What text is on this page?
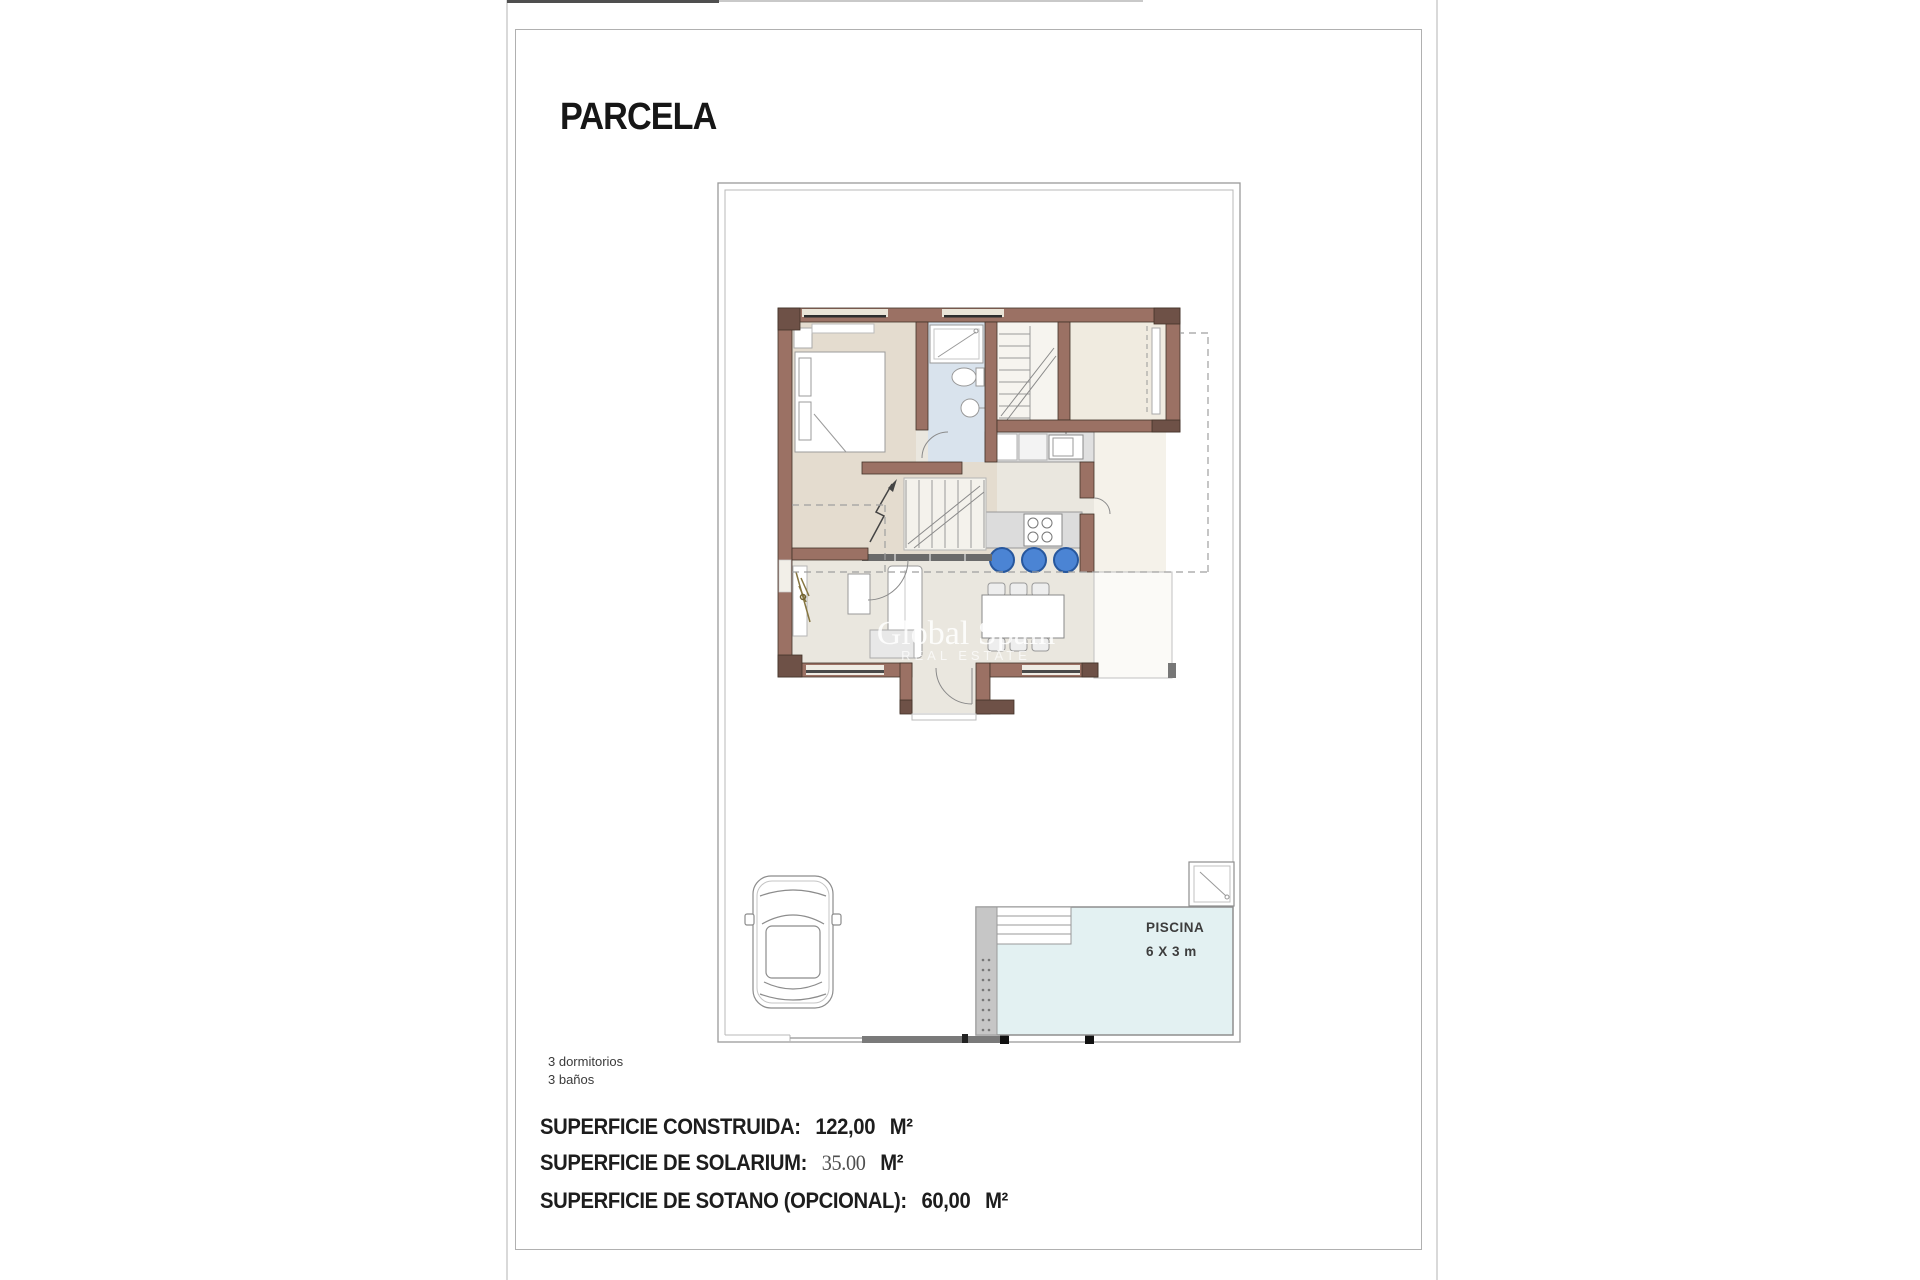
PARCELA
PISCINA
6 X 3 m
Global Spain
REAL ESTATE
3 dormitorios
3 baños
SUPERFICIE CONSTRUIDA: 122,00 M²
SUPERFICIE DE SOLARIUM: 35.00 M²
SUPERFICIE DE SOTANO (OPCIONAL): 60,00 M²
